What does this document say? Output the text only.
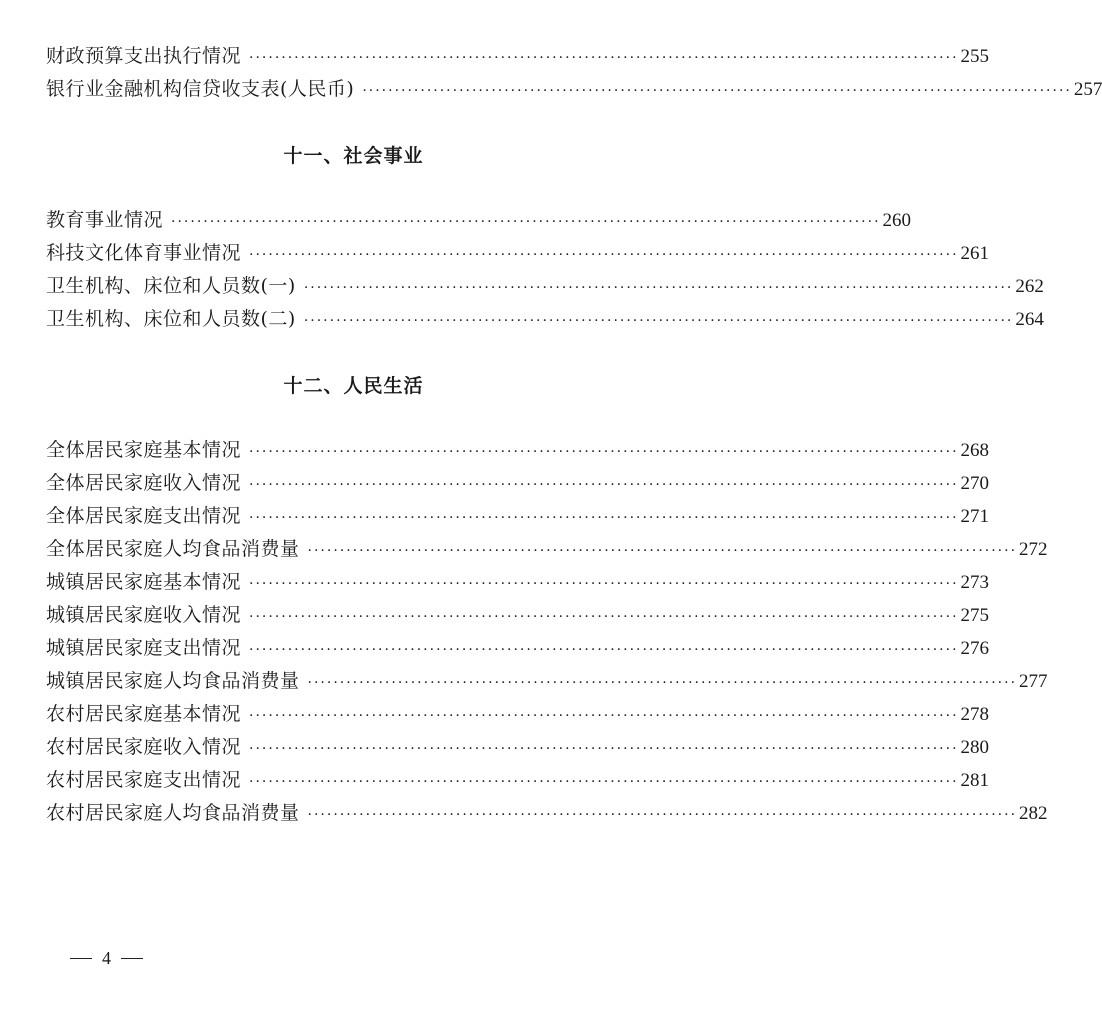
财政预算支出执行情况 ·············································································································· 255
银行业金融机构信贷收支表(人民币) ·············································································································· 257
十一、社会事业
教育事业情况 ·············································································································· 260
科技文化体育事业情况 ·············································································································· 261
卫生机构、床位和人员数(一) ·············································································································· 262
卫生机构、床位和人员数(二) ·············································································································· 264
十二、人民生活
全体居民家庭基本情况 ·············································································································· 268
全体居民家庭收入情况 ·············································································································· 270
全体居民家庭支出情况 ·············································································································· 271
全体居民家庭人均食品消费量 ·············································································································· 272
城镇居民家庭基本情况 ·············································································································· 273
城镇居民家庭收入情况 ·············································································································· 275
城镇居民家庭支出情况 ·············································································································· 276
城镇居民家庭人均食品消费量 ·············································································································· 277
农村居民家庭基本情况 ·············································································································· 278
农村居民家庭收入情况 ·············································································································· 280
农村居民家庭支出情况 ·············································································································· 281
农村居民家庭人均食品消费量 ·············································································································· 282
4
